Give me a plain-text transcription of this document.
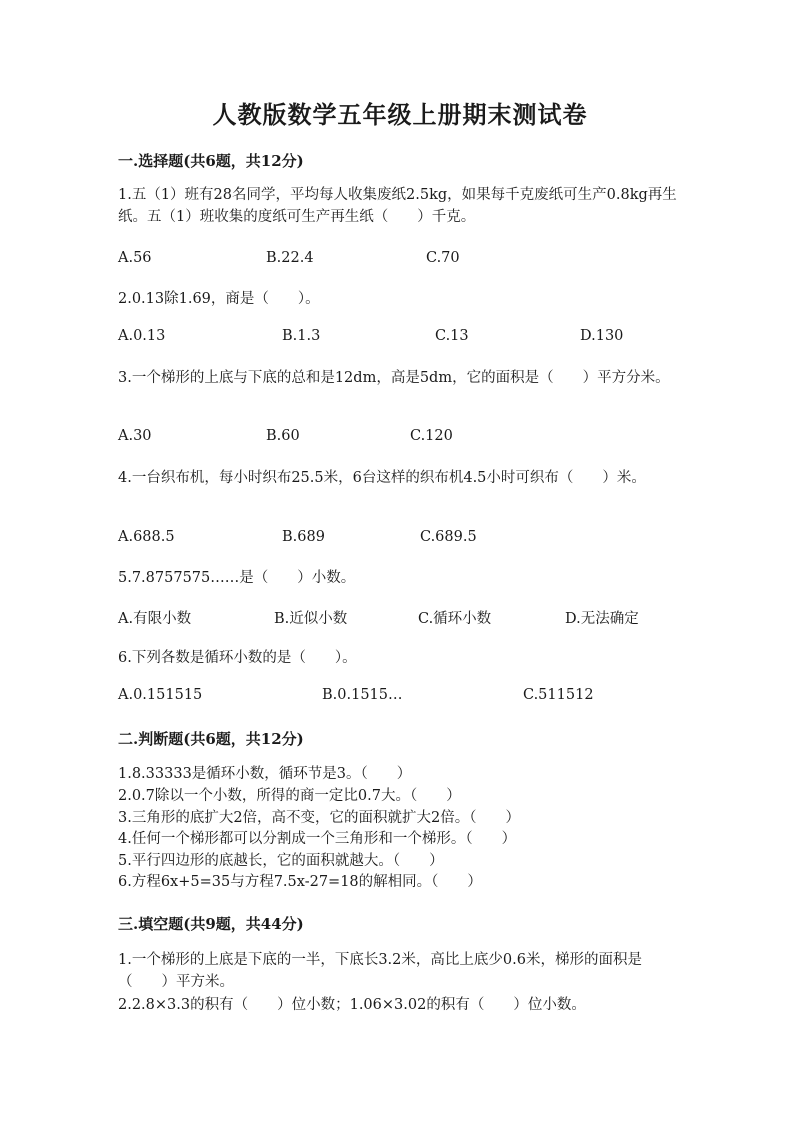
人教版数学五年级上册期末测试卷
一.选择题(共6题，共12分)
1.五（1）班有28名同学，平均每人收集废纸2.5kg，如果每千克废纸可生产0.8kg再生纸。五（1）班收集的度纸可生产再生纸（　　）千克。
A.56	B.22.4	C.70
2.0.13除1.69，商是（　　）。
A.0.13	B.1.3	C.13	D.130
3.一个梯形的上底与下底的总和是12dm，高是5dm，它的面积是（　　）平方分米。
A.30	B.60	C.120
4.一台织布机，每小时织布25.5米，6台这样的织布机4.5小时可织布（　　）米。
A.688.5	B.689	C.689.5
5.7.8757575……是（　　）小数。
A.有限小数	B.近似小数	C.循环小数	D.无法确定
6.下列各数是循环小数的是（　　）。
A.0.151515	B.0.1515…	C.511512
二.判断题(共6题，共12分)
1.8.33333是循环小数，循环节是3。（　　）
2.0.7除以一个小数，所得的商一定比0.7大。（　　）
3.三角形的底扩大2倍，高不变，它的面积就扩大2倍。（　　）
4.任何一个梯形都可以分割成一个三角形和一个梯形。（　　）
5.平行四边形的底越长，它的面积就越大。（　　）
6.方程6x+5=35与方程7.5x-27=18的解相同。（　　）
三.填空题(共9题，共44分)
1.一个梯形的上底是下底的一半，下底长3.2米，高比上底少0.6米，梯形的面积是（　　）平方米。
2.2.8×3.3的积有（　　）位小数；1.06×3.02的积有（　　）位小数。
